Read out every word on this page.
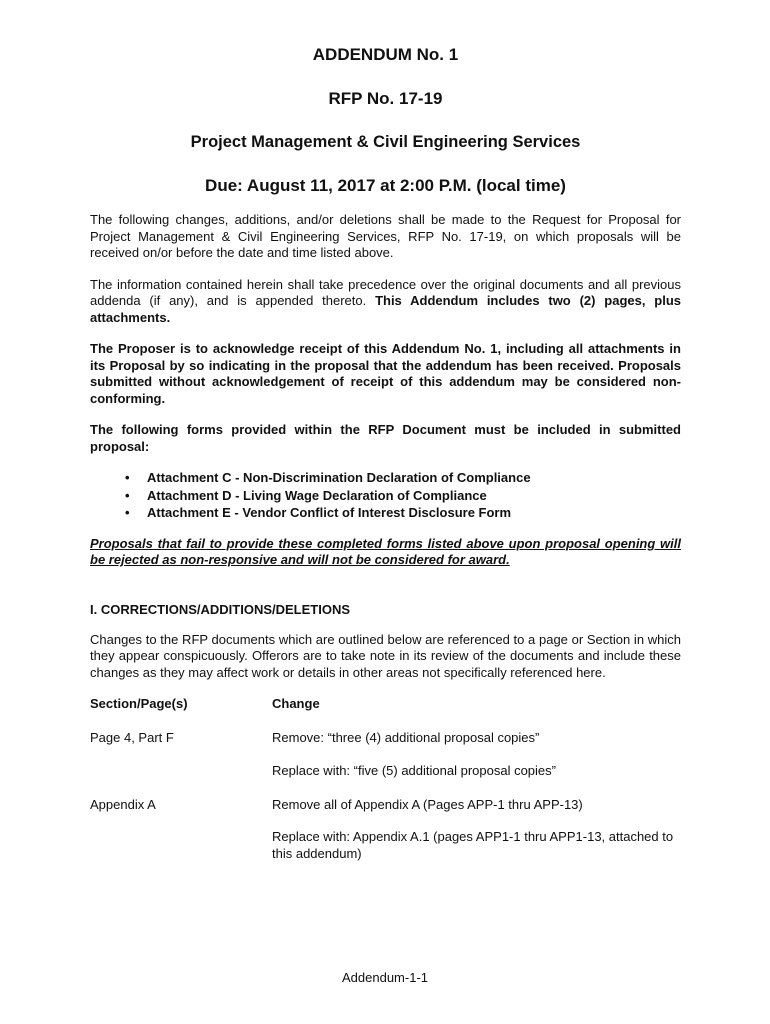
ADDENDUM No. 1
RFP No. 17-19
Project Management & Civil Engineering Services
Due: August 11, 2017 at 2:00 P.M. (local time)

The following changes, additions, and/or deletions shall be made to the Request for Proposal for Project Management & Civil Engineering Services, RFP No. 17-19, on which proposals will be received on/or before the date and time listed above.

The information contained herein shall take precedence over the original documents and all previous addenda (if any), and is appended thereto. This Addendum includes two (2) pages, plus attachments.

The Proposer is to acknowledge receipt of this Addendum No. 1, including all attachments in its Proposal by so indicating in the proposal that the addendum has been received. Proposals submitted without acknowledgement of receipt of this addendum may be considered non-conforming.

The following forms provided within the RFP Document must be included in submitted proposal:

• Attachment C - Non-Discrimination Declaration of Compliance
• Attachment D - Living Wage Declaration of Compliance
• Attachment E - Vendor Conflict of Interest Disclosure Form

Proposals that fail to provide these completed forms listed above upon proposal opening will be rejected as non-responsive and will not be considered for award.

I. CORRECTIONS/ADDITIONS/DELETIONS

Changes to the RFP documents which are outlined below are referenced to a page or Section in which they appear conspicuously. Offerors are to take note in its review of the documents and include these changes as they may affect work or details in other areas not specifically referenced here.

Section/Page(s)	Change
Page 4, Part F	Remove: “three (4) additional proposal copies”
Replace with: “five (5) additional proposal copies”
Appendix A	Remove all of Appendix A (Pages APP-1 thru APP-13)
Replace with: Appendix A.1 (pages APP1-1 thru APP1-13, attached to this addendum)
Addendum-1-1
